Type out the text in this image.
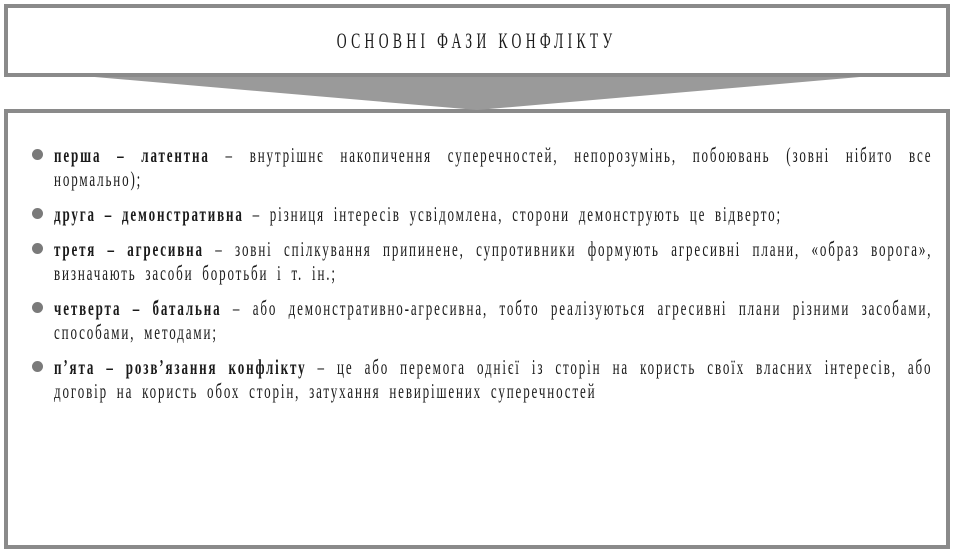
ОСНОВНІ ФАЗИ КОНФЛІКТУ
перша – латентна – внутрішнє накопичення суперечностей, непорозумінь, побоювань (зовні нібито все нормально);
друга – демонстративна – різниця інтересів усвідомлена, сторони демонструють це відверто;
третя – агресивна – зовні спілкування припинене, супротивники формують агресивні плани, «образ ворога», визначають засоби боротьби і т. ін.;
четверта – батальна – або демонстративно-агресивна, тобто реалізуються агресивні плани різними засобами, способами, методами;
п’ята – розв’язання конфлікту – це або перемога однієї із сторін на користь своїх власних інтересів, або договір на користь обох сторін, затухання невирішених суперечностей
